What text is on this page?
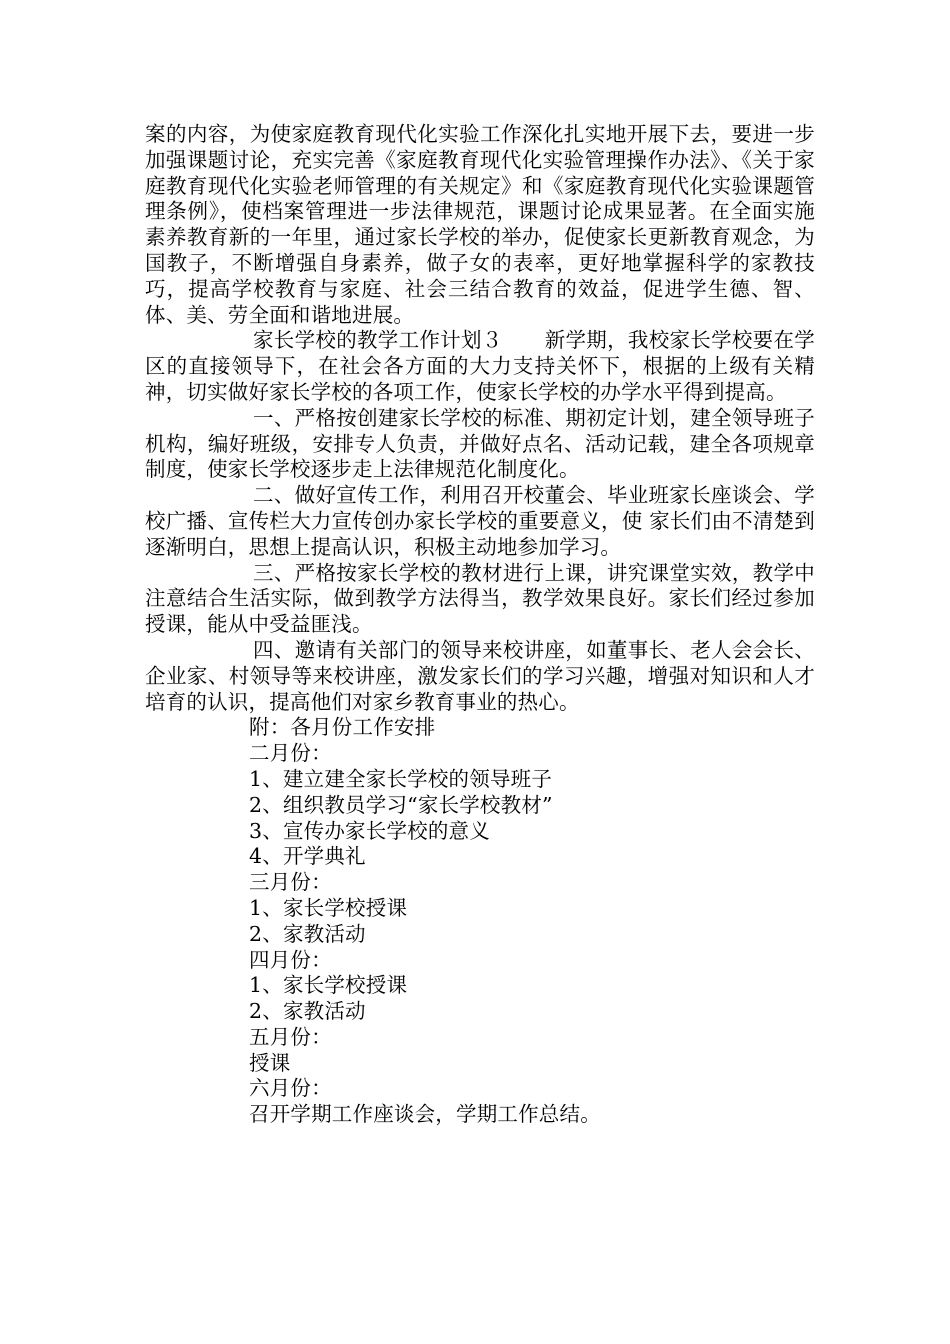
案的内容，为使家庭教育现代化实验工作深化扎实地开展下去，要进一步加强课题讨论，充实完善《家庭教育现代化实验管理操作办法》、《关于家庭教育现代化实验老师管理的有关规定》和《家庭教育现代化实验课题管理条例》，使档案管理进一步法律规范，课题讨论成果显著。在全面实施素养教育新的一年里，通过家长学校的举办，促使家长更新教育观念，为国教子，不断增强自身素养，做子女的表率，更好地掌握科学的家教技巧，提高学校教育与家庭、社会三结合教育的效益，促进学生德、智、体、美、劳全面和谐地进展。

家长学校的教学工作计划３ 新学期，我校家长学校要在学区的直接领导下，在社会各方面的大力支持关怀下，根据的上级有关精神，切实做好家长学校的各项工作，使家长学校的办学水平得到提高。

一、严格按创建家长学校的标准、期初定计划，建全领导班子机构，编好班级，安排专人负责，并做好点名、活动记载，建全各项规章制度，使家长学校逐步走上法律规范化制度化。

二、做好宣传工作，利用召开校董会、毕业班家长座谈会、学校广播、宣传栏大力宣传创办家长学校的重要意义，使 家长们由不清楚到逐渐明白，思想上提高认识，积极主动地参加学习。

三、严格按家长学校的教材进行上课，讲究课堂实效，教学中注意结合生活实际，做到教学方法得当，教学效果良好。家长们经过参加授课，能从中受益匪浅。

四、邀请有关部门的领导来校讲座，如董事长、老人会会长、企业家、村领导等来校讲座，激发家长们的学习兴趣，增强对知识和人才培育的认识，提高他们对家乡教育事业的热心。

附：各月份工作安排
二月份：
1、建立建全家长学校的领导班子
2、组织教员学习“家长学校教材”
3、宣传办家长学校的意义
4、开学典礼
三月份：
1、家长学校授课
2、家教活动
四月份：
1、家长学校授课
2、家教活动
五月份：
授课
六月份：
召开学期工作座谈会，学期工作总结。
